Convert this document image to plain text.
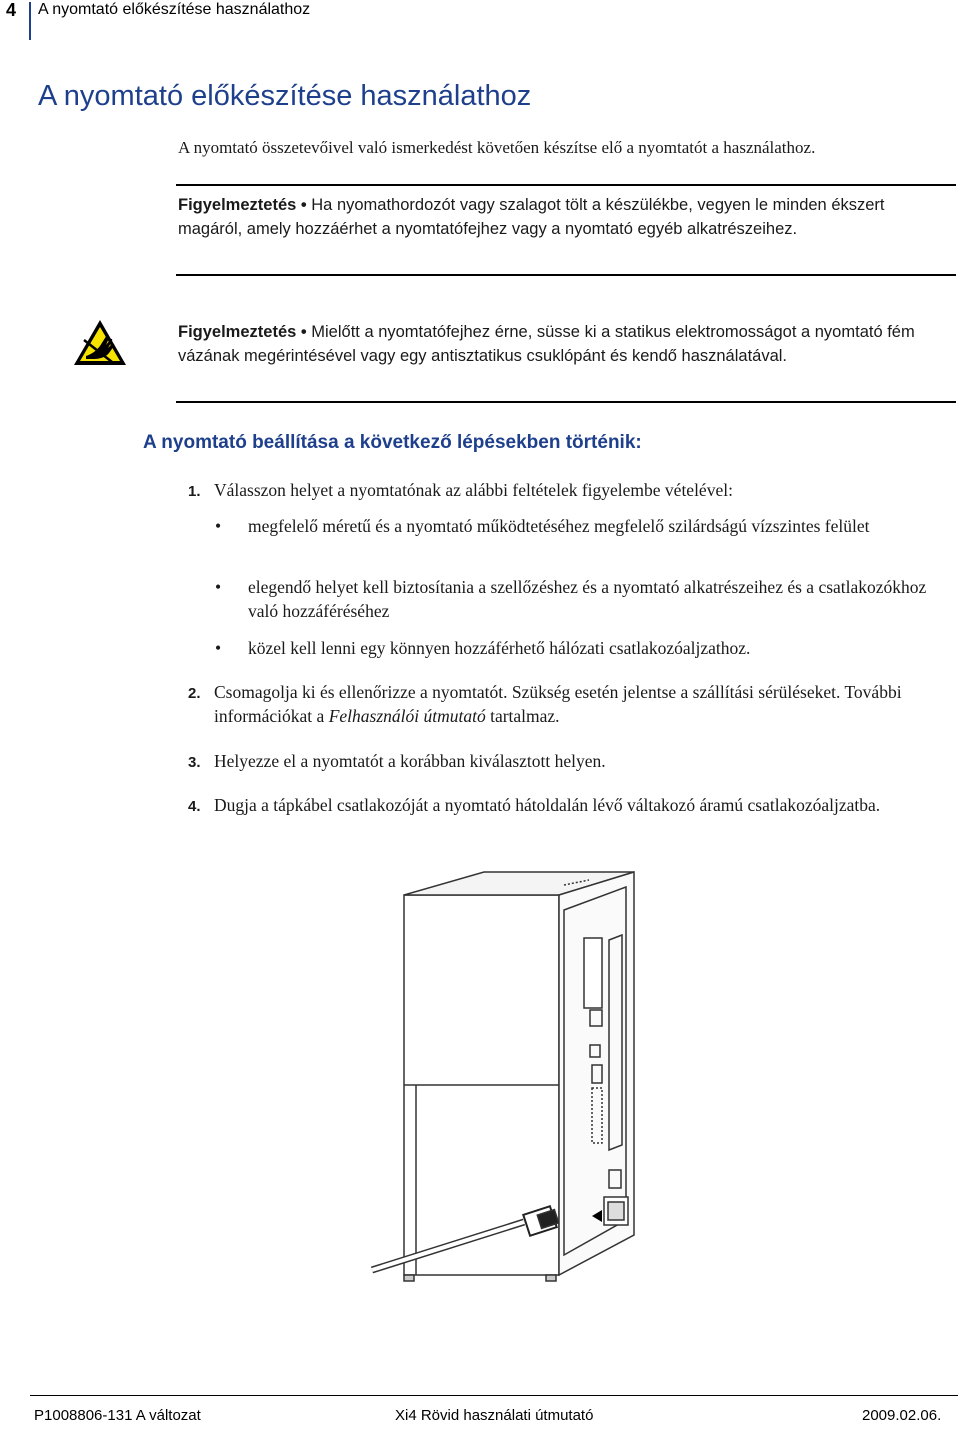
4 A nyomtató előkészítése használathoz
A nyomtató előkészítése használathoz

A nyomtató összetevőivel való ismerkedést követően készítse elő a nyomtatót a használathoz.

Figyelmeztetés • Ha nyomathordozót vagy szalagot tölt a készülékbe, vegyen le minden ékszert magáról, amely hozzáérhet a nyomtatófejhez vagy a nyomtató egyéb alkatrészeihez.
Figyelmeztetés • Mielőtt a nyomtatófejhez érne, süsse ki a statikus elektromosságot a nyomtató fém vázának megérintésével vagy egy antisztatikus csuklópánt és kendő használatával.
A nyomtató beállítása a következő lépésekben történik:
1. Válasszon helyet a nyomtatónak az alábbi feltételek figyelembe vételével:
• megfelelő méretű és a nyomtató működtetéséhez megfelelő szilárdságú vízszintes felület
• elegendő helyet kell biztosítania a szellőzéshez és a nyomtató alkatrészeihez és a csatlakozókhoz való hozzáféréséhez
• közel kell lenni egy könnyen hozzáférhető hálózati csatlakozóaljzathoz.
2. Csomagolja ki és ellenőrizze a nyomtatót. Szükség esetén jelentse a szállítási sérüléseket. További információkat a Felhasználói útmutató tartalmaz.
3. Helyezze el a nyomtatót a korábban kiválasztott helyen.
4. Dugja a tápkábel csatlakozóját a nyomtató hátoldalán lévő váltakozó áramú csatlakozóaljzatba.
P1008806-131 A változat	Xi4 Rövid használati útmutató	2009.02.06.
